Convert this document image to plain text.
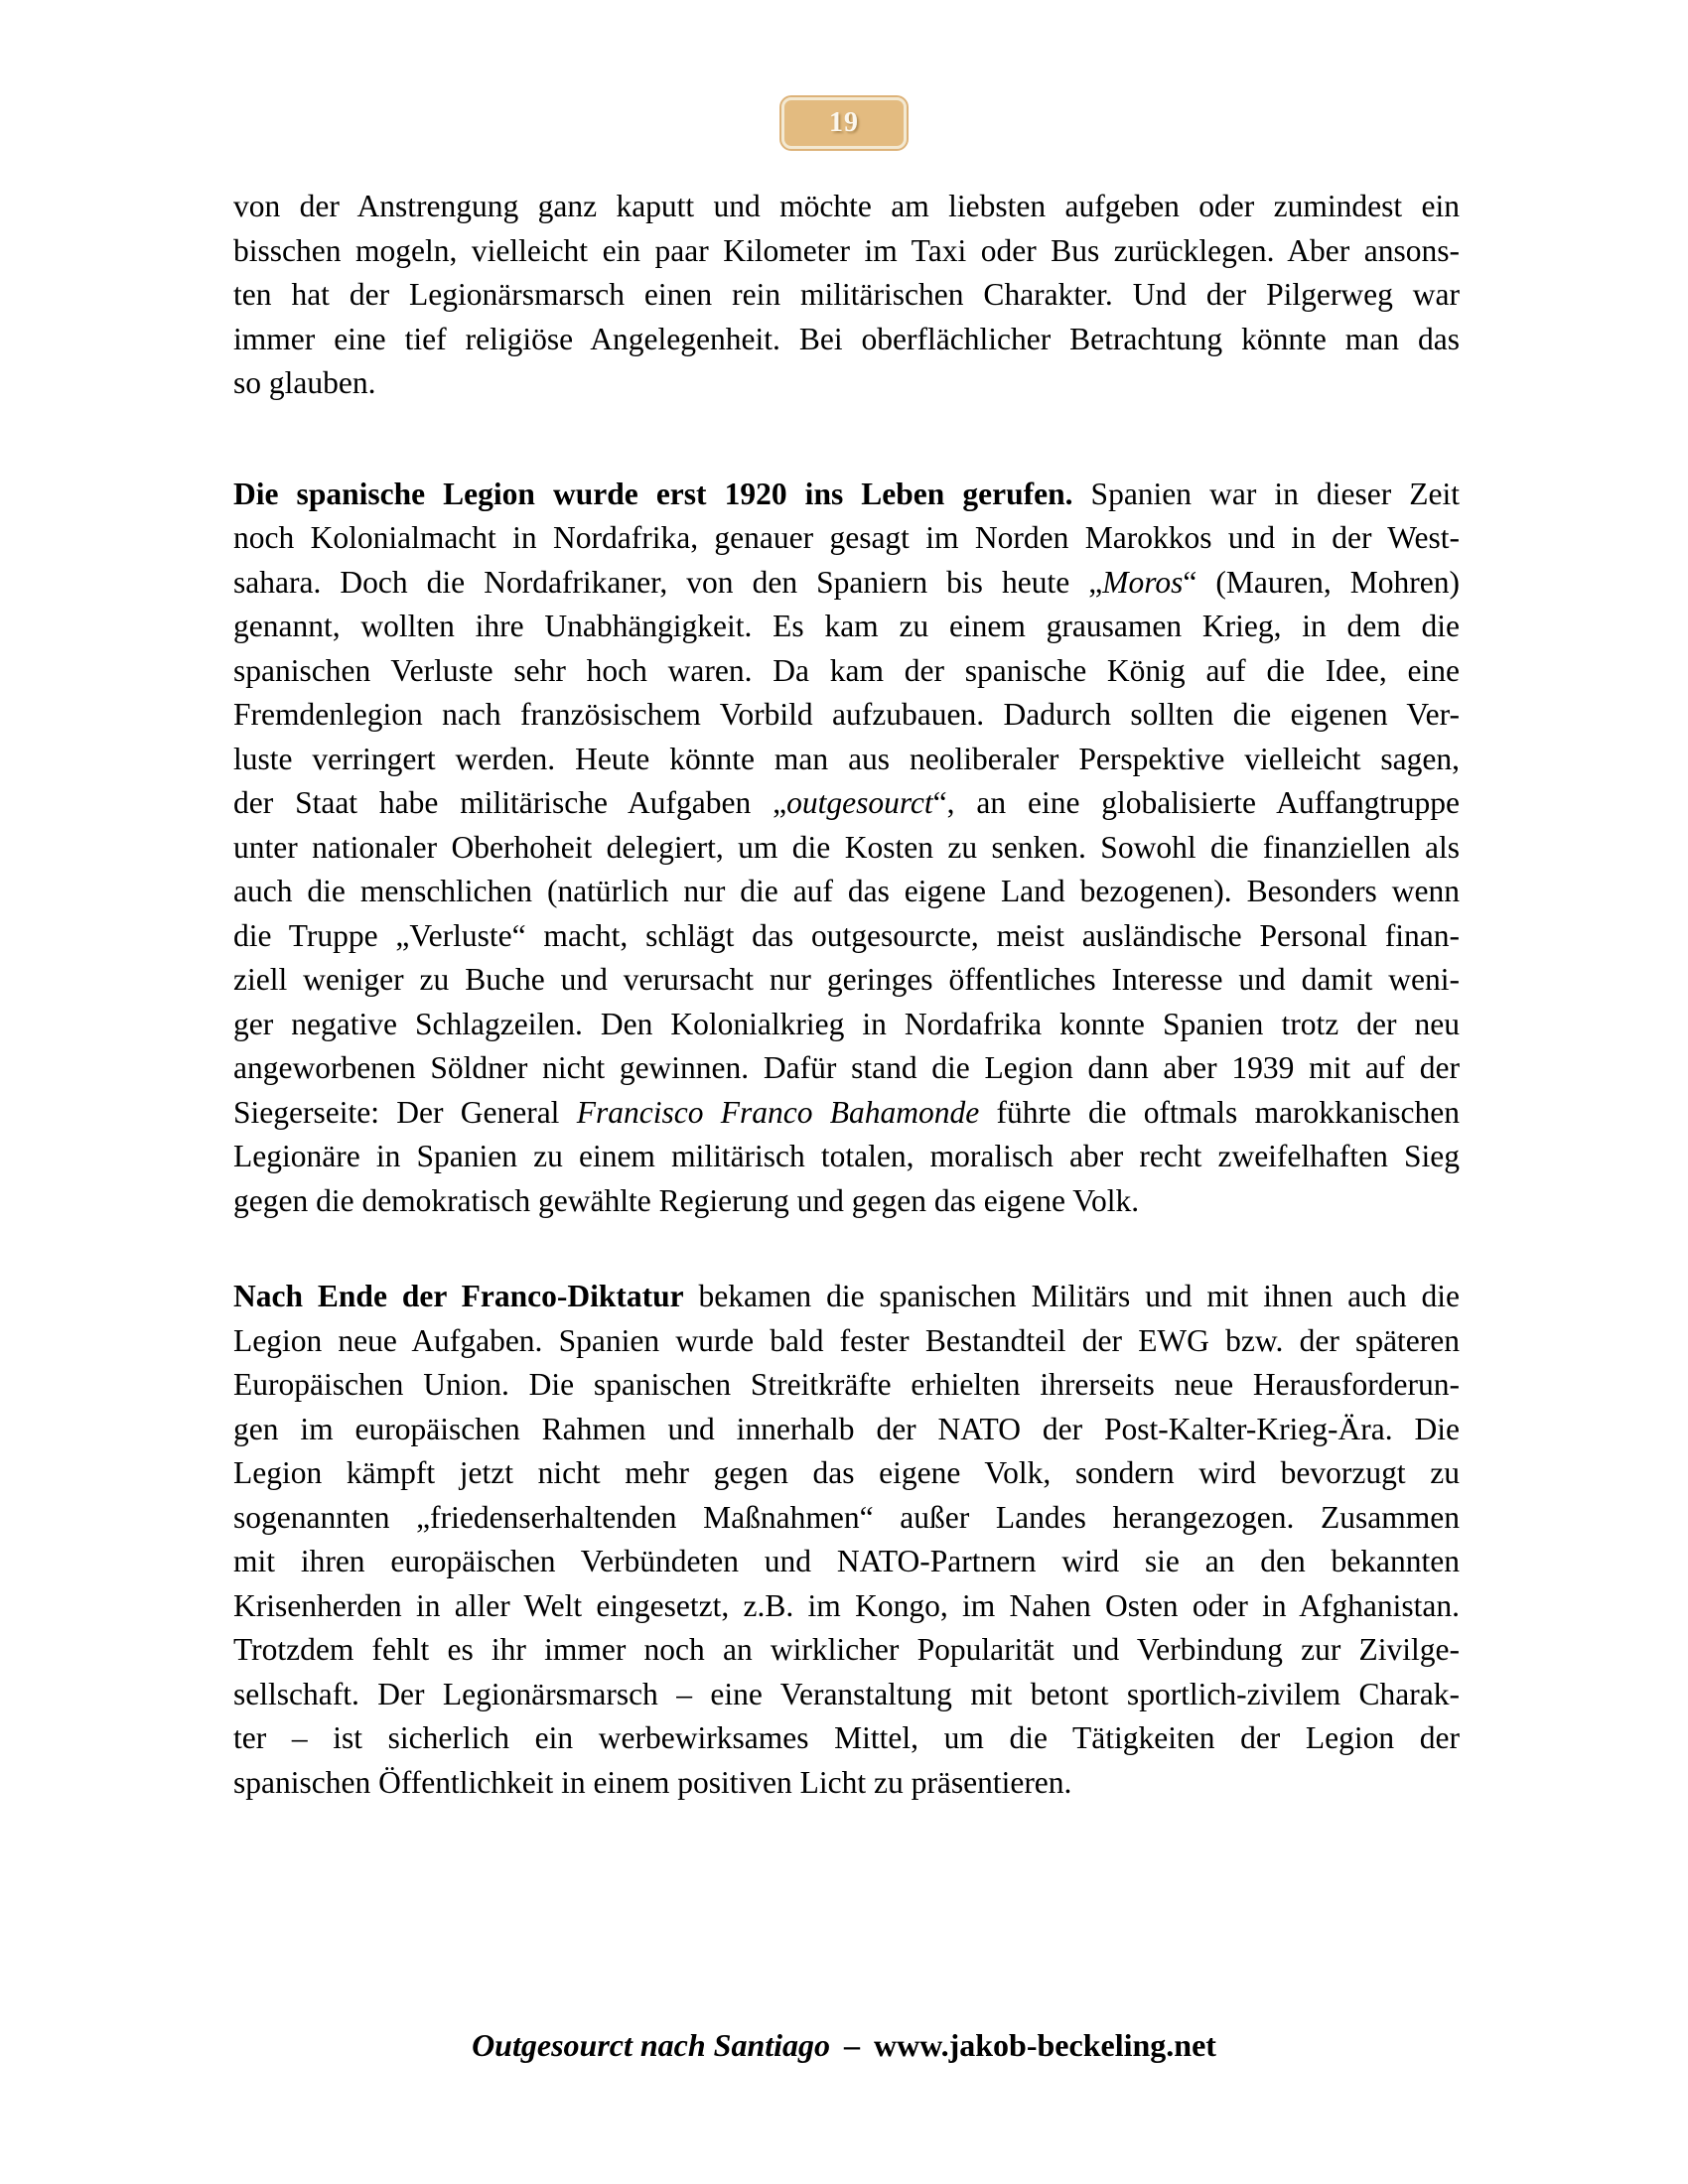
19
von der Anstrengung ganz kaputt und möchte am liebsten aufgeben oder zumindest ein
bisschen mogeln, vielleicht ein paar Kilometer im Taxi oder Bus zurücklegen. Aber ansons-
ten hat der Legionärsmarsch einen rein militärischen Charakter. Und der Pilgerweg war
immer eine tief religiöse Angelegenheit. Bei oberflächlicher Betrachtung könnte man das
so glauben.
Die spanische Legion wurde erst 1920 ins Leben gerufen. Spanien war in dieser Zeit
noch Kolonialmacht in Nordafrika, genauer gesagt im Norden Marokkos und in der West-
sahara. Doch die Nordafrikaner, von den Spaniern bis heute „Moros“ (Mauren, Mohren)
genannt, wollten ihre Unabhängigkeit. Es kam zu einem grausamen Krieg, in dem die
spanischen Verluste sehr hoch waren. Da kam der spanische König auf die Idee, eine
Fremdenlegion nach französischem Vorbild aufzubauen. Dadurch sollten die eigenen Ver-
luste verringert werden. Heute könnte man aus neoliberaler Perspektive vielleicht sagen,
der Staat habe militärische Aufgaben „outgesourct“, an eine globalisierte Auffangtruppe
unter nationaler Oberhoheit delegiert, um die Kosten zu senken. Sowohl die finanziellen als
auch die menschlichen (natürlich nur die auf das eigene Land bezogenen). Besonders wenn
die Truppe „Verluste“ macht, schlägt das outgesourcte, meist ausländische Personal finan-
ziell weniger zu Buche und verursacht nur geringes öffentliches Interesse und damit weni-
ger negative Schlagzeilen. Den Kolonialkrieg in Nordafrika konnte Spanien trotz der neu
angeworbenen Söldner nicht gewinnen. Dafür stand die Legion dann aber 1939 mit auf der
Siegerseite: Der General Francisco Franco Bahamonde führte die oftmals marokkanischen
Legionäre in Spanien zu einem militärisch totalen, moralisch aber recht zweifelhaften Sieg
gegen die demokratisch gewählte Regierung und gegen das eigene Volk.
Nach Ende der Franco-Diktatur bekamen die spanischen Militärs und mit ihnen auch die
Legion neue Aufgaben. Spanien wurde bald fester Bestandteil der EWG bzw. der späteren
Europäischen Union. Die spanischen Streitkräfte erhielten ihrerseits neue Herausforderun-
gen im europäischen Rahmen und innerhalb der NATO der Post-Kalter-Krieg-Ära. Die
Legion kämpft jetzt nicht mehr gegen das eigene Volk, sondern wird bevorzugt zu
sogenannten „friedenserhaltenden Maßnahmen“ außer Landes herangezogen. Zusammen
mit ihren europäischen Verbündeten und NATO-Partnern wird sie an den bekannten
Krisenherden in aller Welt eingesetzt, z.B. im Kongo, im Nahen Osten oder in Afghanistan.
Trotzdem fehlt es ihr immer noch an wirklicher Popularität und Verbindung zur Zivilge-
sellschaft. Der Legionärsmarsch – eine Veranstaltung mit betont sportlich-zivilem Charak-
ter – ist sicherlich ein werbewirksames Mittel, um die Tätigkeiten der Legion der
spanischen Öffentlichkeit in einem positiven Licht zu präsentieren.
Outgesourct nach Santiago – www.jakob-beckeling.net
